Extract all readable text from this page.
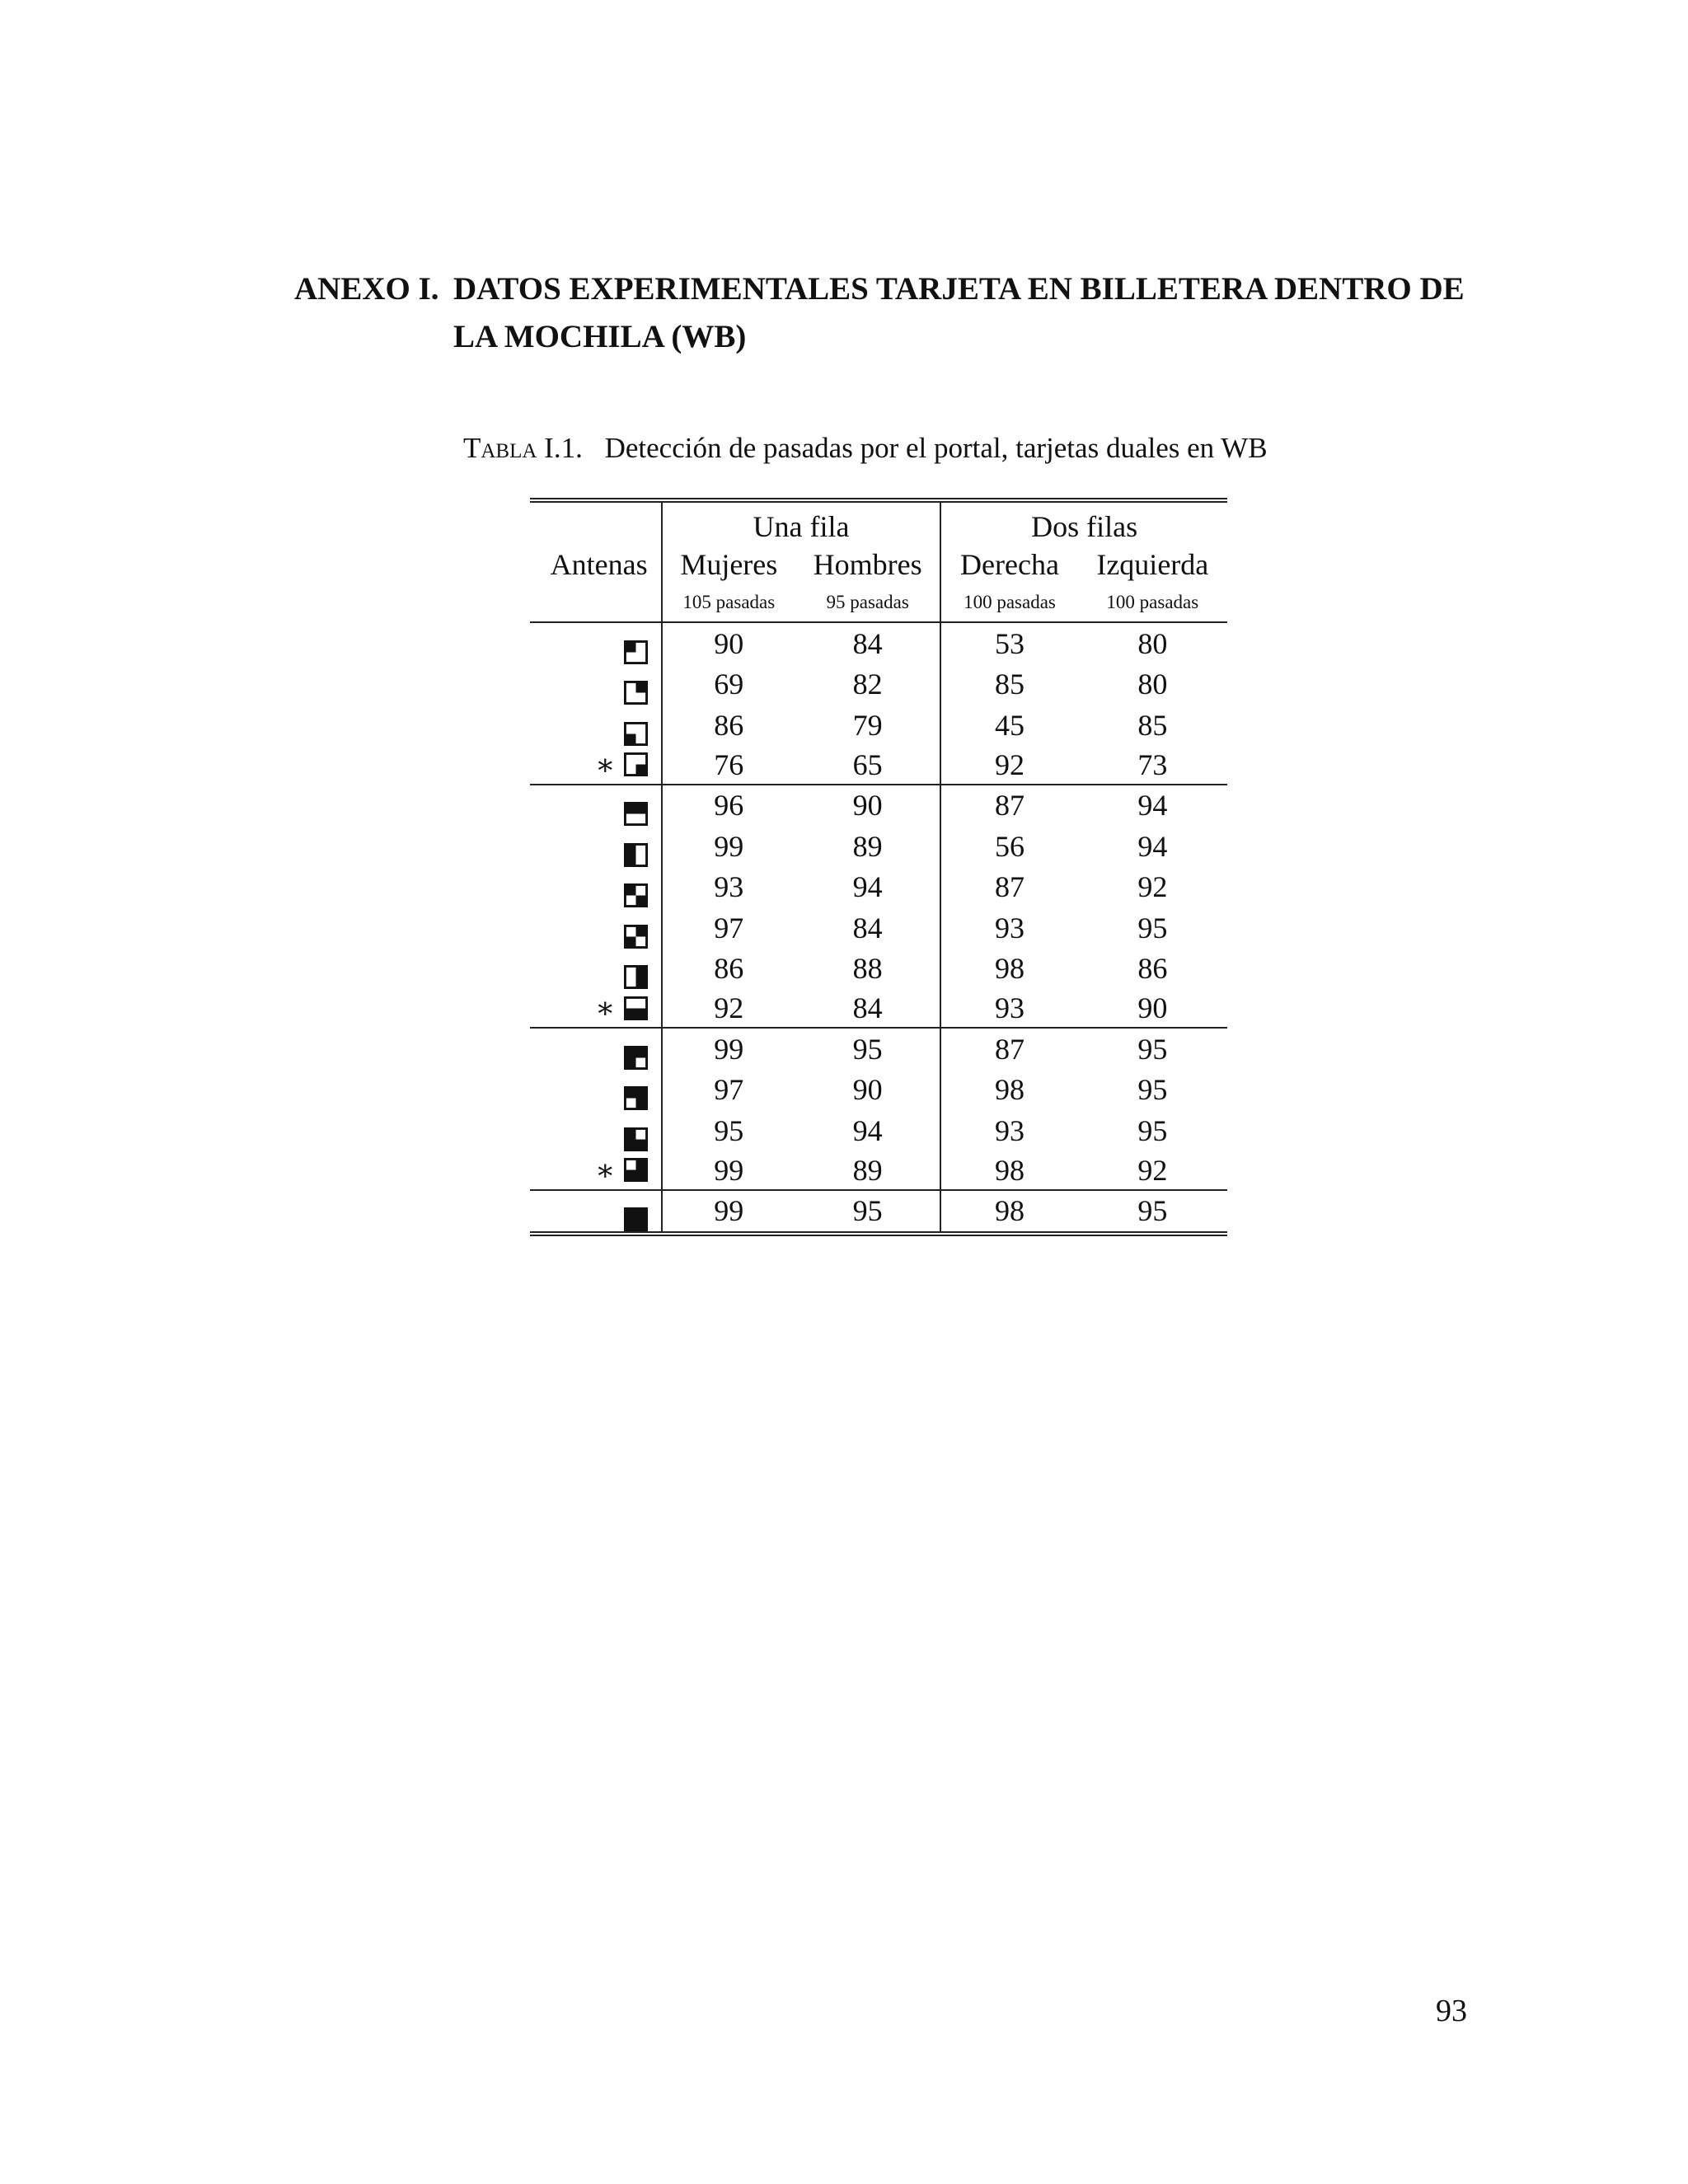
ANEXO I. DATOS EXPERIMENTALES TARJETA EN BILLETERA DENTRO DE LA MOCHILA (WB)
Tabla I.1. Detección de pasadas por el portal, tarjetas duales en WB
	Una fila		Dos filas	
Antenas	Mujeres	Hombres	Derecha	Izquierda
	105 pasadas	95 pasadas	100 pasadas	100 pasadas

	90	84	53	80

	69	82	85	80

	86	79	45	85

∗	76	65	92	73

	96	90	87	94

	99	89	56	94

	93	94	87	92

	97	84	93	95

	86	88	98	86

∗	92	84	93	90

	99	95	87	95

	97	90	98	95

	95	94	93	95

∗	99	89	98	92

	99	95	98	95
93
